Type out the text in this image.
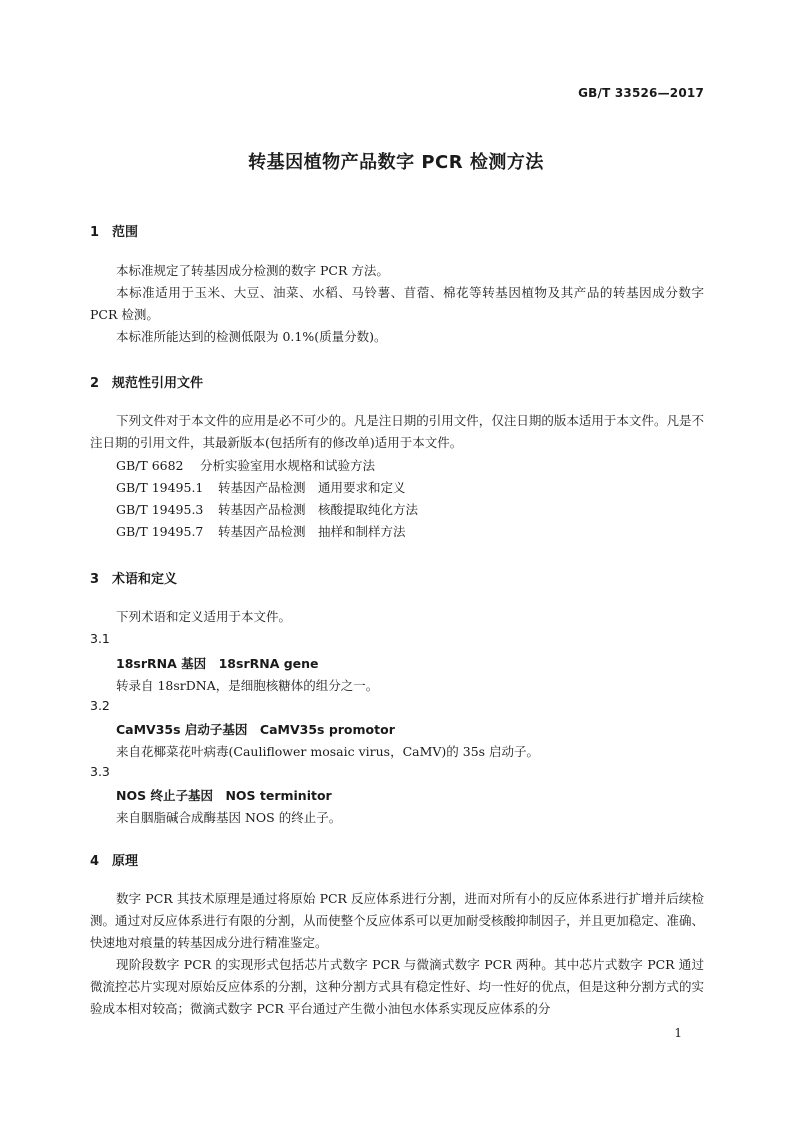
GB/T 33526—2017
转基因植物产品数字 PCR 检测方法
1 范围
本标准规定了转基因成分检测的数字 PCR 方法。
本标准适用于玉米、大豆、油菜、水稻、马铃薯、苜蓿、棉花等转基因植物及其产品的转基因成分数字 PCR 检测。
本标准所能达到的检测低限为 0.1%(质量分数)。
2 规范性引用文件
下列文件对于本文件的应用是必不可少的。凡是注日期的引用文件，仅注日期的版本适用于本文件。凡是不注日期的引用文件，其最新版本(包括所有的修改单)适用于本文件。
GB/T 6682 分析实验室用水规格和试验方法
GB/T 19495.1 转基因产品检测　通用要求和定义
GB/T 19495.3 转基因产品检测　核酸提取纯化方法
GB/T 19495.7 转基因产品检测　抽样和制样方法
3 术语和定义
下列术语和定义适用于本文件。
3.1
18srRNA 基因　18srRNA gene
转录自 18srDNA，是细胞核糖体的组分之一。
3.2
CaMV35s 启动子基因　CaMV35s promotor
来自花椰菜花叶病毒(Cauliflower mosaic virus，CaMV)的 35s 启动子。
3.3
NOS 终止子基因　NOS terminitor
来自胭脂碱合成酶基因 NOS 的终止子。
4 原理
数字 PCR 其技术原理是通过将原始 PCR 反应体系进行分割，进而对所有小的反应体系进行扩增并后续检测。通过对反应体系进行有限的分割，从而使整个反应体系可以更加耐受核酸抑制因子，并且更加稳定、准确、快速地对痕量的转基因成分进行精准鉴定。
现阶段数字 PCR 的实现形式包括芯片式数字 PCR 与微滴式数字 PCR 两种。其中芯片式数字 PCR 通过微流控芯片实现对原始反应体系的分割，这种分割方式具有稳定性好、均一性好的优点，但是这种分割方式的实验成本相对较高；微滴式数字 PCR 平台通过产生微小油包水体系实现反应体系的分
1
